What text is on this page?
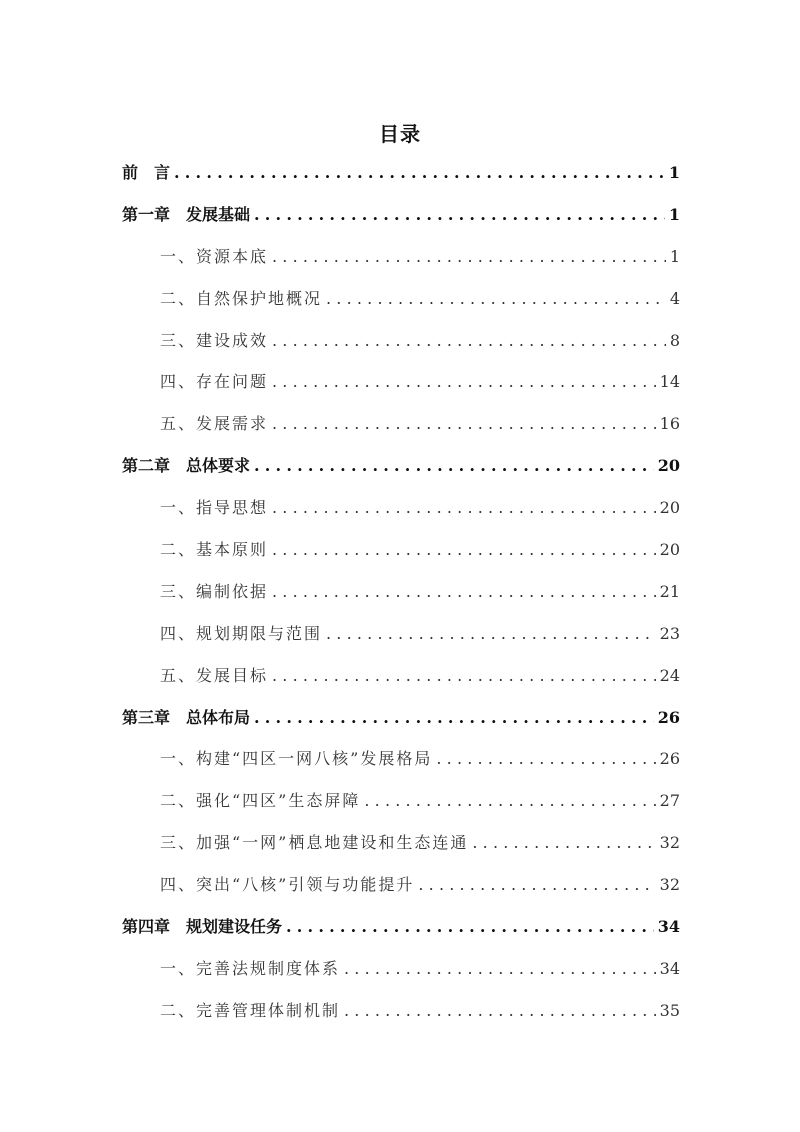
目录
前　言 .....	1
第一章　发展基础 .....	1
一、资源本底 .....	1
二、自然保护地概况 .....	4
三、建设成效 .....	8
四、存在问题 .....	14
五、发展需求 .....	16
第二章　总体要求 .....	20
一、指导思想 .....	20
二、基本原则 .....	20
三、编制依据 .....	21
四、规划期限与范围 .....	23
五、发展目标 .....	24
第三章　总体布局 .....	26
一、构建“四区一网八核”发展格局 .....	26
二、强化“四区”生态屏障 .....	27
三、加强“一网”栖息地建设和生态连通 .....	32
四、突出“八核”引领与功能提升 .....	32
第四章　规划建设任务 .....	34
一、完善法规制度体系 .....	34
二、完善管理体制机制 .....	35
